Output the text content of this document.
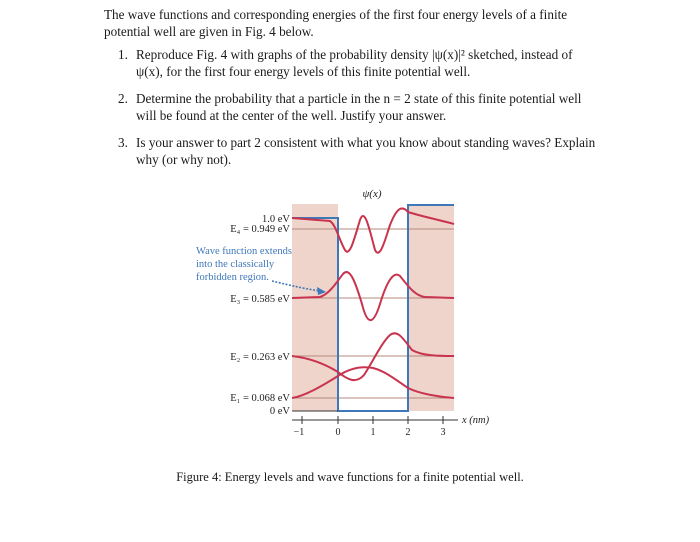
The wave functions and corresponding energies of the first four energy levels of a finite potential well are given in Fig. 4 below.

1. Reproduce Fig. 4 with graphs of the probability density |ψ(x)|² sketched, instead of ψ(x), for the first four energy levels of this finite potential well.
2. Determine the probability that a particle in the n = 2 state of this finite potential well will be found at the center of the well. Justify your answer.
3. Is your answer to part 2 consistent with what you know about standing waves? Explain why (or why not).
ψ(x)
1.0 eV
E₄ = 0.949 eV
E₃ = 0.585 eV
E₂ = 0.263 eV
E₁ = 0.068 eV
0 eV
Wave function extends
into the classically
forbidden region.
−1	0	1	2	3
x (nm)

Figure 4: Energy levels and wave functions for a finite potential well.
